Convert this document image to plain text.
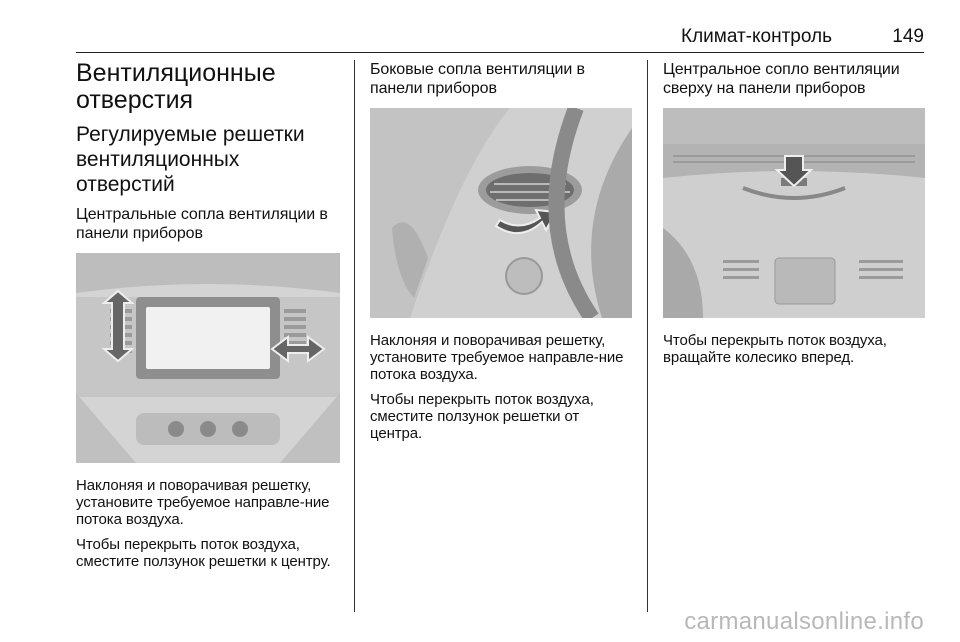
Климат-контроль	149
Вентиляционные отверстия
Регулируемые решетки вентиляционных отверстий
Центральные сопла вентиляции в панели приборов
Наклоняя и поворачивая решетку, установите требуемое направле-ние потока воздуха.
Чтобы перекрыть поток воздуха, сместите ползунок решетки к центру.
Боковые сопла вентиляции в панели приборов
Наклоняя и поворачивая решетку, установите требуемое направле-ние потока воздуха.
Чтобы перекрыть поток воздуха, сместите ползунок решетки от центра.
Центральное сопло вентиляции сверху на панели приборов
Чтобы перекрыть поток воздуха, вращайте колесико вперед.
carmanualsonline.info
